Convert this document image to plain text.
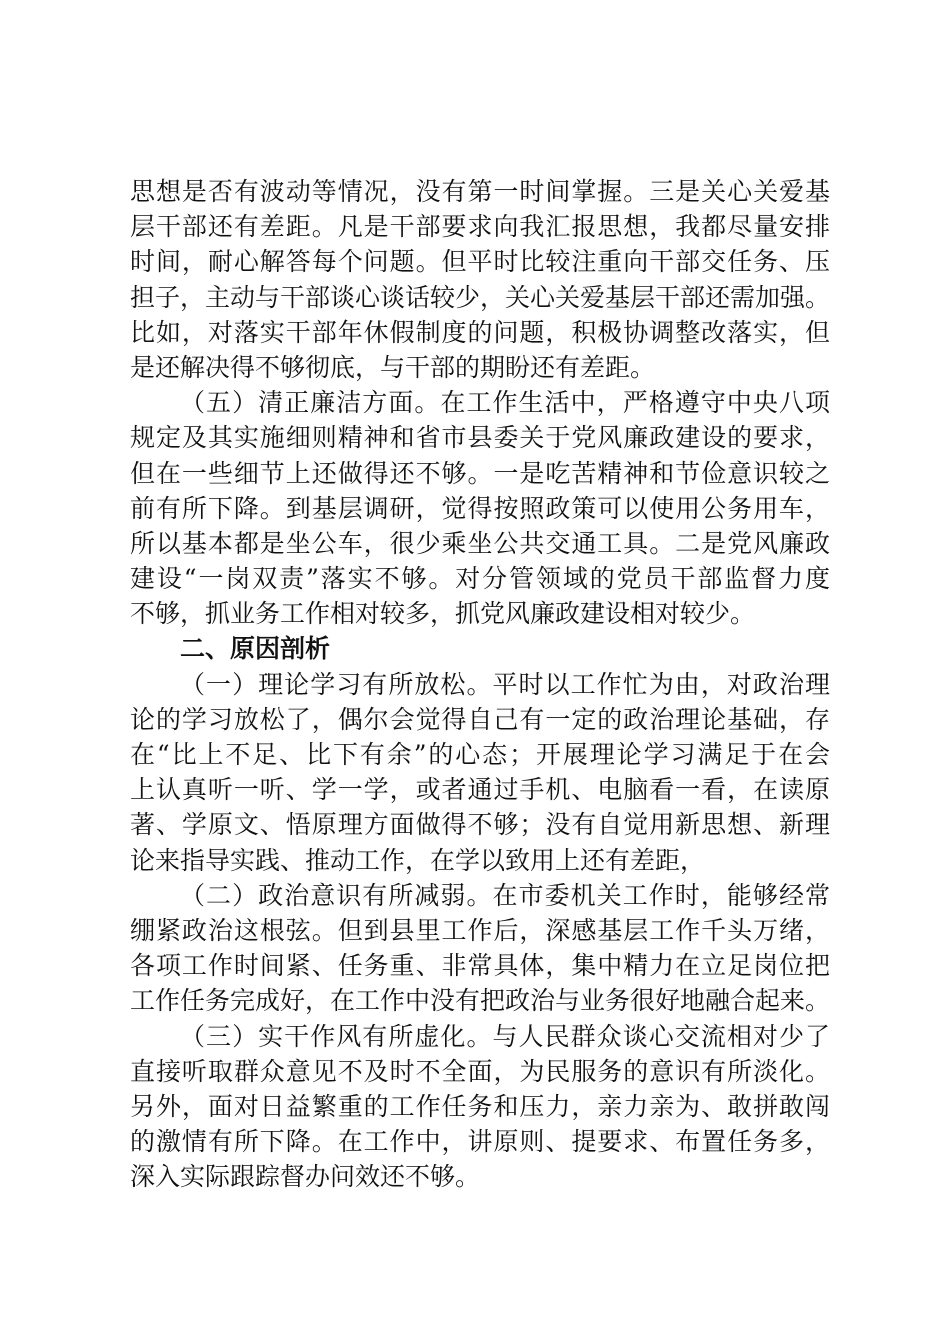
思想是否有波动等情况，没有第一时间掌握。三是关心关爱基
层干部还有差距。凡是干部要求向我汇报思想，我都尽量安排
时间，耐心解答每个问题。但平时比较注重向干部交任务、压
担子，主动与干部谈心谈话较少，关心关爱基层干部还需加强。
比如，对落实干部年休假制度的问题，积极协调整改落实，但
是还解决得不够彻底，与干部的期盼还有差距。
（五）清正廉洁方面。在工作生活中，严格遵守中央八项
规定及其实施细则精神和省市县委关于党风廉政建设的要求，
但在一些细节上还做得还不够。一是吃苦精神和节俭意识较之
前有所下降。到基层调研，觉得按照政策可以使用公务用车，
所以基本都是坐公车，很少乘坐公共交通工具。二是党风廉政
建设“一岗双责”落实不够。对分管领域的党员干部监督力度
不够，抓业务工作相对较多，抓党风廉政建设相对较少。
二、原因剖析
（一）理论学习有所放松。平时以工作忙为由，对政治理
论的学习放松了，偶尔会觉得自己有一定的政治理论基础，存
在“比上不足、比下有余”的心态；开展理论学习满足于在会
上认真听一听、学一学，或者通过手机、电脑看一看，在读原
著、学原文、悟原理方面做得不够；没有自觉用新思想、新理
论来指导实践、推动工作，在学以致用上还有差距，
（二）政治意识有所减弱。在市委机关工作时，能够经常
绷紧政治这根弦。但到县里工作后，深感基层工作千头万绪，
各项工作时间紧、任务重、非常具体，集中精力在立足岗位把
工作任务完成好，在工作中没有把政治与业务很好地融合起来。
（三）实干作风有所虚化。与人民群众谈心交流相对少了
直接听取群众意见不及时不全面，为民服务的意识有所淡化。
另外，面对日益繁重的工作任务和压力，亲力亲为、敢拼敢闯
的激情有所下降。在工作中，讲原则、提要求、布置任务多，
深入实际跟踪督办问效还不够。
